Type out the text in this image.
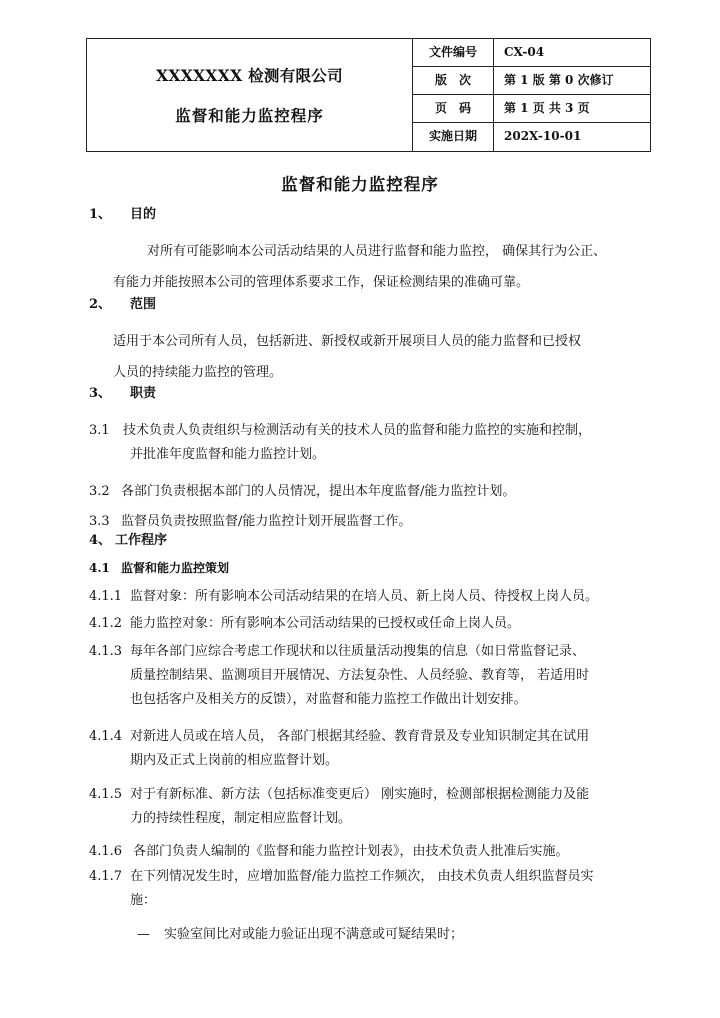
XXXXXXX 检测有限公司
监督和能力监控程序
文件编号	CX-04
版　次	第 1 版 第 0 次修订
页　码	第 1 页 共 3 页
实施日期	202X-10-01
监督和能力监控程序
1、 目的
对所有可能影响本公司活动结果的人员进行监督和能力监控， 确保其行为公正、
有能力并能按照本公司的管理体系要求工作，保证检测结果的准确可靠。
2、 范围
适用于本公司所有人员，包括新进、新授权或新开展项目人员的能力监督和已授权
人员的持续能力监控的管理。
3、 职责
3.1 技术负责人负责组织与检测活动有关的技术人员的监督和能力监控的实施和控制，
并批准年度监督和能力监控计划。
3.2 各部门负责根据本部门的人员情况，提出本年度监督/能力监控计划。
3.3 监督员负责按照监督/能力监控计划开展监督工作。
4、 工作程序
4.1 监督和能力监控策划
4.1.1 监督对象：所有影响本公司活动结果的在培人员、新上岗人员、待授权上岗人员。
4.1.2 能力监控对象：所有影响本公司活动结果的已授权或任命上岗人员。
4.1.3 每年各部门应综合考虑工作现状和以往质量活动搜集的信息（如日常监督记录、
质量控制结果、监测项目开展情况、方法复杂性、人员经验、教育等， 若适用时
也包括客户及相关方的反馈），对监督和能力监控工作做出计划安排。
4.1.4 对新进人员或在培人员， 各部门根据其经验、教育背景及专业知识制定其在试用
期内及正式上岗前的相应监督计划。
4.1.5 对于有新标准、新方法（包括标准变更后） 刚实施时，检测部根据检测能力及能
力的持续性程度，制定相应监督计划。
4.1.6 各部门负责人编制的《监督和能力监控计划表》，由技术负责人批准后实施。
4.1.7 在下列情况发生时，应增加监督/能力监控工作频次， 由技术负责人组织监督员实
施：
— 实验室间比对或能力验证出现不满意或可疑结果时；
